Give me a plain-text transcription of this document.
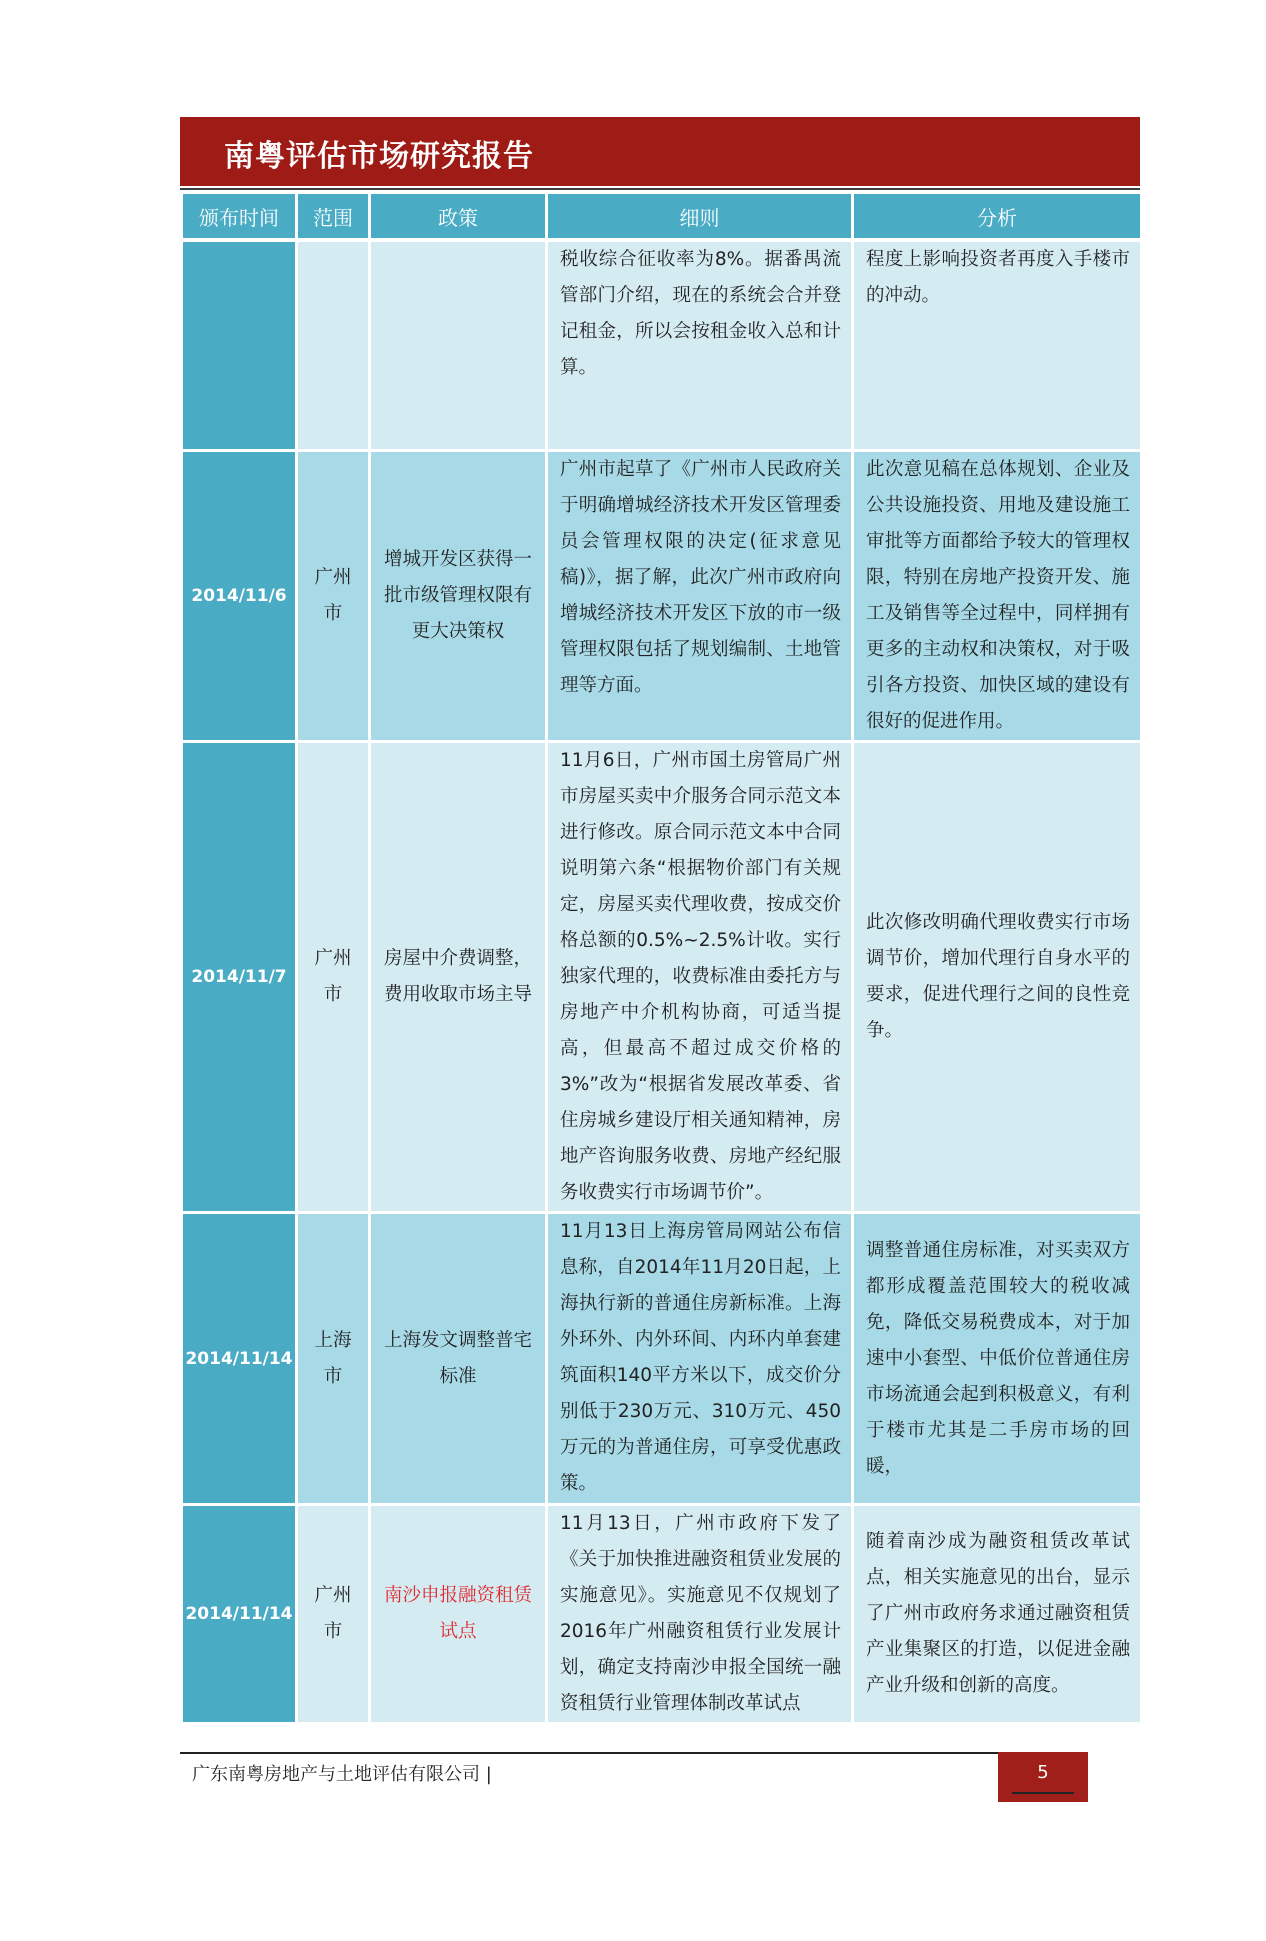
南粤评估市场研究报告
颁布时间	范围	政策	细则	分析
			税收综合征收率为8%。据番禺流管部门介绍，现在的系统会合并登记租金，所以会按租金收入总和计算。	程度上影响投资者再度入手楼市的冲动。
2014/11/6	广州市	增城开发区获得一批市级管理权限有更大决策权	广州市起草了《广州市人民政府关于明确增城经济技术开发区管理委员会管理权限的决定(征求意见稿)》，据了解，此次广州市政府向增城经济技术开发区下放的市一级管理权限包括了规划编制、土地管理等方面。	此次意见稿在总体规划、企业及公共设施投资、用地及建设施工审批等方面都给予较大的管理权限，特别在房地产投资开发、施工及销售等全过程中，同样拥有更多的主动权和决策权，对于吸引各方投资、加快区域的建设有很好的促进作用。
2014/11/7	广州市	房屋中介费调整，费用收取市场主导	11月6日，广州市国土房管局广州市房屋买卖中介服务合同示范文本进行修改。原合同示范文本中合同说明第六条“根据物价部门有关规定，房屋买卖代理收费，按成交价格总额的0.5%~2.5%计收。实行独家代理的，收费标准由委托方与房地产中介机构协商，可适当提高，但最高不超过成交价格的3%”改为“根据省发展改革委、省住房城乡建设厅相关通知精神，房地产咨询服务收费、房地产经纪服务收费实行市场调节价”。	此次修改明确代理收费实行市场调节价，增加代理行自身水平的要求，促进代理行之间的良性竞争。
2014/11/14	上海市	上海发文调整普宅标准	11月13日上海房管局网站公布信息称，自2014年11月20日起，上海执行新的普通住房新标准。上海外环外、内外环间、内环内单套建筑面积140平方米以下，成交价分别低于230万元、310万元、450万元的为普通住房，可享受优惠政策。	调整普通住房标准，对买卖双方都形成覆盖范围较大的税收减免，降低交易税费成本，对于加速中小套型、中低价位普通住房市场流通会起到积极意义，有利于楼市尤其是二手房市场的回暖，
2014/11/14	广州市	南沙申报融资租赁试点	11月13日，广州市政府下发了《关于加快推进融资租赁业发展的实施意见》。实施意见不仅规划了2016年广州融资租赁行业发展计划，确定支持南沙申报全国统一融资租赁行业管理体制改革试点	随着南沙成为融资租赁改革试点，相关实施意见的出台，显示了广州市政府务求通过融资租赁产业集聚区的打造，以促进金融产业升级和创新的高度。
广东南粤房地产与土地评估有限公司 |	5
